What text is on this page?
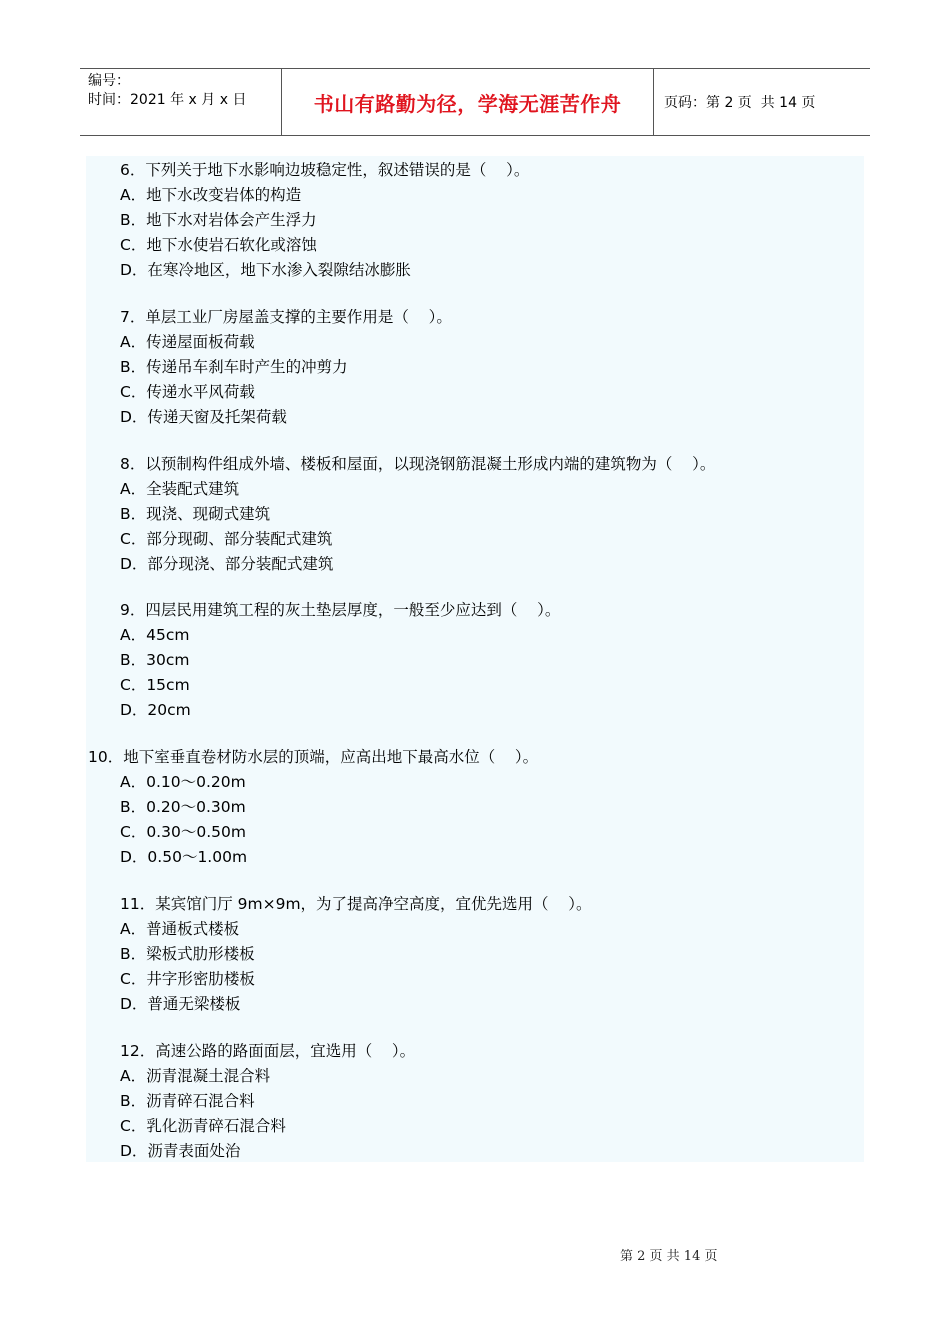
编号：
时间：2021 年 x 月 x 日	书山有路勤为径，学海无涯苦作舟	页码：第 2 页  共 14 页
6．下列关于地下水影响边坡稳定性，叙述错误的是（    ）。
A．地下水改变岩体的构造
B．地下水对岩体会产生浮力
C．地下水使岩石软化或溶蚀
D．在寒冷地区，地下水渗入裂隙结冰膨胀
7．单层工业厂房屋盖支撑的主要作用是（    ）。
A．传递屋面板荷载
B．传递吊车刹车时产生的冲剪力
C．传递水平风荷载
D．传递天窗及托架荷载
8．以预制构件组成外墙、楼板和屋面，以现浇钢筋混凝土形成内端的建筑物为（    ）。
A．全装配式建筑
B．现浇、现砌式建筑
C．部分现砌、部分装配式建筑
D．部分现浇、部分装配式建筑
9．四层民用建筑工程的灰土垫层厚度，一般至少应达到（    ）。
A．45cm
B．30cm
C．15cm
D．20cm
10．地下室垂直卷材防水层的顶端，应高出地下最高水位（    ）。
A．0.10～0.20m
B．0.20～0.30m
C．0.30～0.50m
D．0.50～1.00m
11．某宾馆门厅 9m×9m，为了提高净空高度，宜优先选用（    ）。
A．普通板式楼板
B．梁板式肋形楼板
C．井字形密肋楼板
D．普通无梁楼板
12．高速公路的路面面层，宜选用（    ）。
A．沥青混凝土混合料
B．沥青碎石混合料
C．乳化沥青碎石混合料
D．沥青表面处治
第 2 页 共 14 页
